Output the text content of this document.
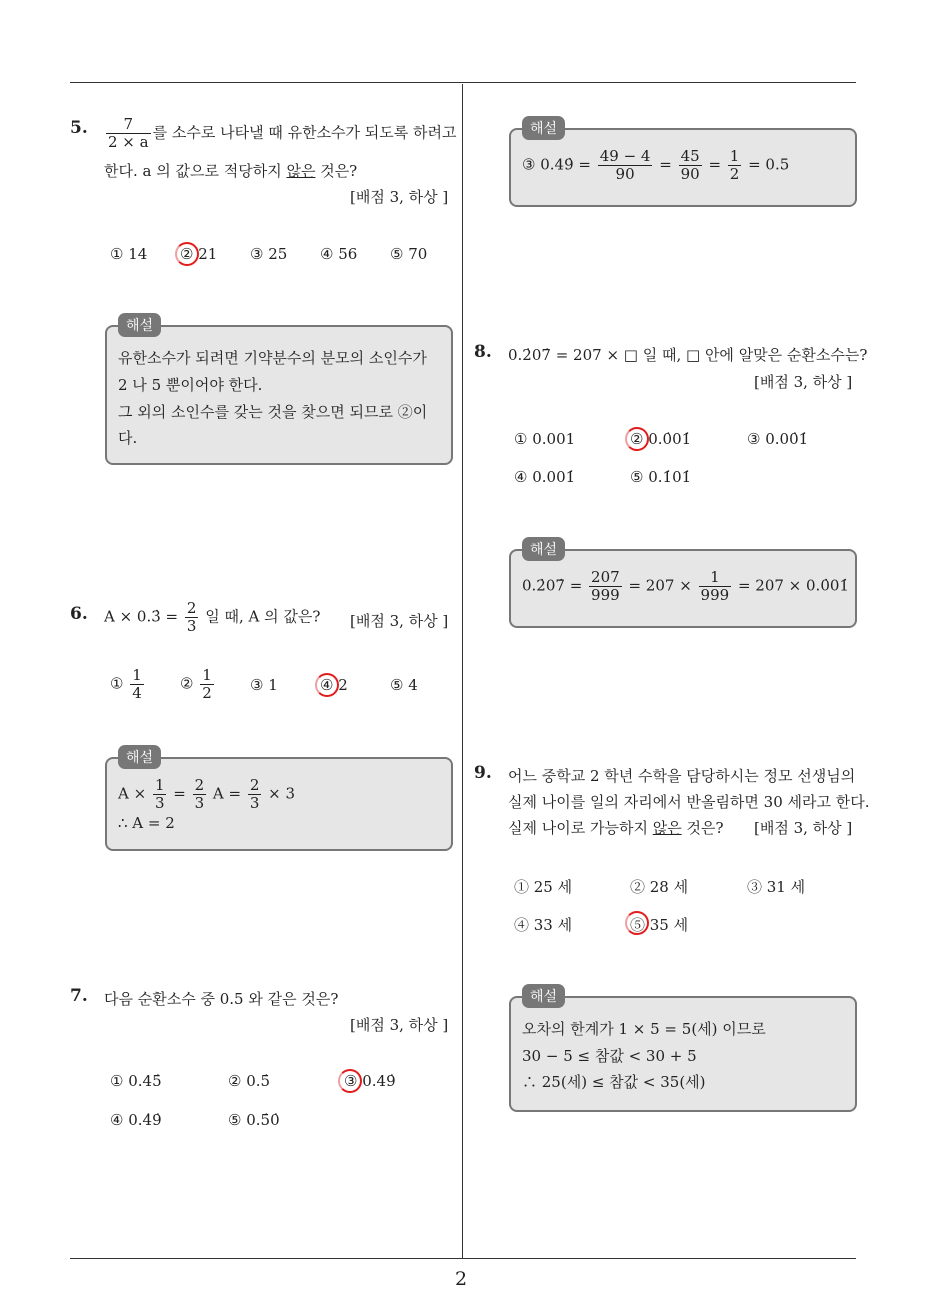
2
5. $\frac{7}{2 \times a}$ 를 소수로 나타낼 때 유한소수가 되도록 하려고
한다. a 의 값으로 적당하지 않은 것은?
[배점 3, 하상 ]
① 14 ② 21 ③ 25 ④ 56 ⑤ 70
해설
유한소수가 되려면 기약분수의 분모의 소인수가
2 나 5 뿐이어야 한다.
그 외의 소인수를 갖는 것을 찾으면 되므로 ②이
다.
6. A × 0.3̇ = $\frac{2}{3}$ 일 때, A 의 값은? [배점 3, 하상 ]
① $\frac{1}{4}$ ② $\frac{1}{2}$ ③ 1	④ 2	⑤ 4
해설
$A \times \frac{1}{3} = \frac{2}{3}$ $A = \frac{2}{3} \times 3$
∴ A = 2
7. 다음 순환소수 중 0.5 와 같은 것은?
[배점 3, 하상 ]
① 0.45̇	② 0.5̇	③ 0.49̇
④ 0.4̇9̇	⑤ 0.5̇0̇
해설
③ 0.49̇ = $\frac{49 - 4}{90} = \frac{45}{90} = \frac{1}{2} = 0.5$
8. 0.2̇07̇ = 207 × □ 일 때, □ 안에 알맞은 순환소수는?
[배점 3, 하상 ]
① 0.001	② 0.0̇01̇	③ 0.00̇1̇
④ 0.001̇	⑤ 0.1̇01̇
해설
0.2̇07̇ = $\frac{207}{999} = 207 \times \frac{1}{999} = 207$ × 0.0̇01̇
9. 어느 중학교 2 학년 수학을 담당하시는 정모 선생님의
실제 나이를 일의 자리에서 반올림하면 30 세라고 한다.
실제 나이로 가능하지 않은 것은? [배점 3, 하상 ]
① 25 세	② 28 세	③ 31 세
④ 33 세	⑤ 35 세
해설
오차의 한계가 1 × 5 = 5(세) 이므로
30 − 5 ≤ 참값 < 30 + 5
∴ 25(세) ≤ 참값 < 35(세)
